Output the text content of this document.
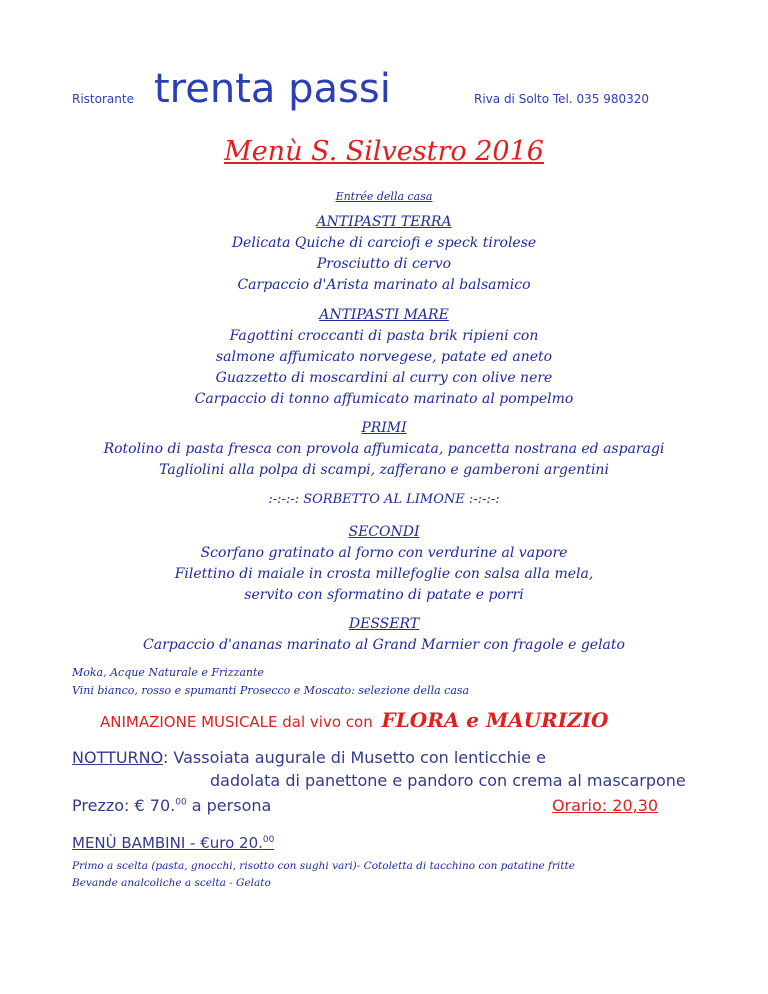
Ristorante trenta passi	Riva di Solto Tel. 035 980320
Menù S. Silvestro 2016
Entrée della casa
ANTIPASTI TERRA
Delicata Quiche di carciofi e speck tirolese
Prosciutto di cervo
Carpaccio d'Arista marinato al balsamico
ANTIPASTI MARE
Fagottini croccanti di pasta brik ripieni con
salmone affumicato norvegese, patate ed aneto
Guazzetto di moscardini al curry con olive nere
Carpaccio di tonno affumicato marinato al pompelmo
PRIMI
Rotolino di pasta fresca con provola affumicata, pancetta nostrana ed asparagi
Tagliolini alla polpa di scampi, zafferano e gamberoni argentini
:-:-:-: SORBETTO AL LIMONE :-:-:-:
SECONDI
Scorfano gratinato al forno con verdurine al vapore
Filettino di maiale in crosta millefoglie con salsa alla mela,
servito con sformatino di patate e porri
DESSERT
Carpaccio d'ananas marinato al Grand Marnier con fragole e gelato
Moka, Acque Naturale e Frizzante
Vini bianco, rosso e spumanti Prosecco e Moscato: selezione della casa
ANIMAZIONE MUSICALE dal vivo con FLORA e MAURIZIO
NOTTURNO: Vassoiata augurale di Musetto con lenticchie e
dadolata di panettone e pandoro con crema al mascarpone
Prezzo: € 70.00 a persona	Orario: 20,30
MENÙ BAMBINI - €uro 20.00
Primo a scelta (pasta, gnocchi, risotto con sughi vari)- Cotoletta di tacchino con patatine fritte
Bevande analcoliche a scelta - Gelato
